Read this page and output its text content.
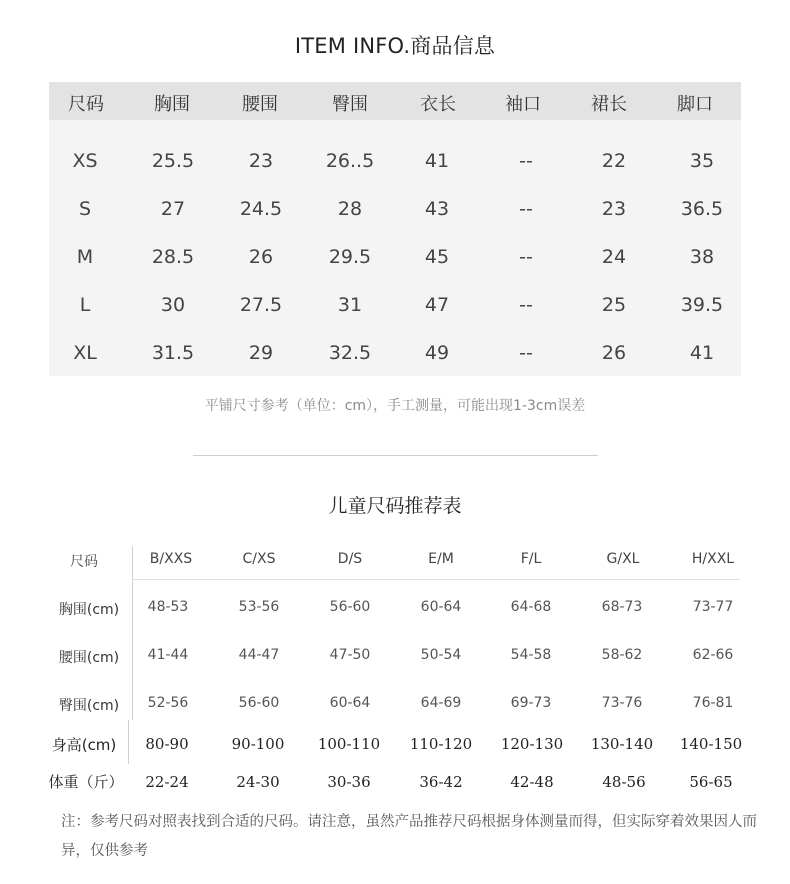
ITEM INFO.商品信息
尺码	胸围	腰围	臀围	衣长	袖口	裙长	脚口
XS	25.5	23	26..5	41	--	22	35
S	27	24.5	28	43	--	23	36.5
M	28.5	26	29.5	45	--	24	38
L	30	27.5	31	47	--	25	39.5
XL	31.5	29	32.5	49	--	26	41
平铺尺寸参考（单位：cm），手工测量，可能出现1-3cm误差
儿童尺码推荐表
尺码	B/XXS	C/XS	D/S	E/M	F/L	G/XL	H/XXL
胸围(cm) 48-53	53-56	56-60	60-64	64-68	68-73	73-77
腰围(cm) 41-44	44-47	47-50	50-54	54-58	58-62	62-66
臀围(cm) 52-56	56-60	60-64	64-69	69-73	73-76	76-81
身高(cm) 80-90	90-100 100-110 110-120 120-130 130-140 140-150
体重（斤） 22-24	24-30	30-36	36-42	42-48	48-56	56-65
注：参考尺码对照表找到合适的尺码。请注意，虽然产品推荐尺码根据身体测量而得，但实际穿着效果因人而异，仅供参考
